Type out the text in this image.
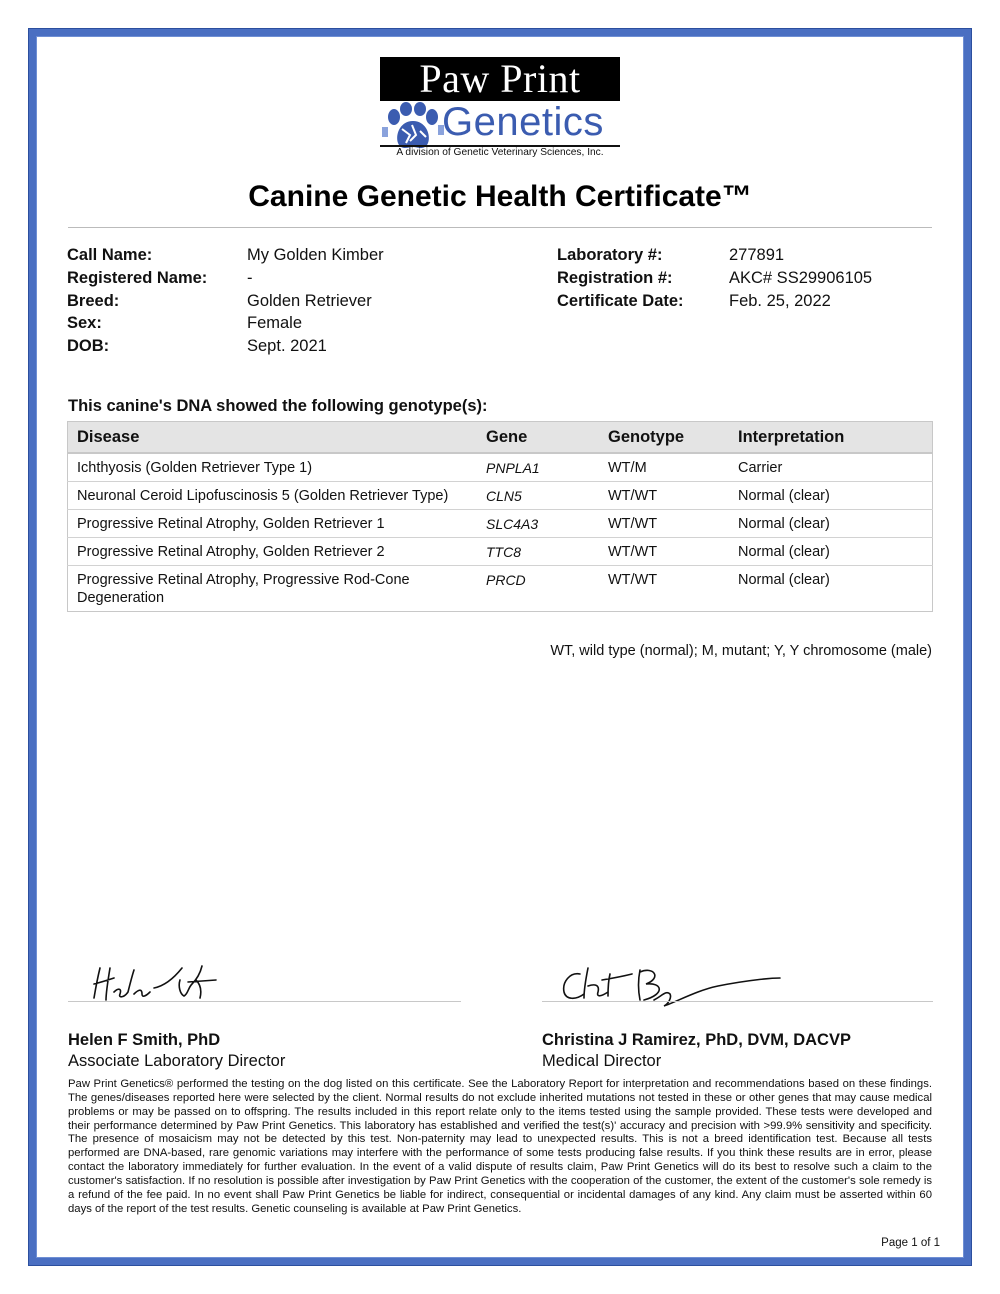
Paw Print
Genetics
A division of Genetic Veterinary Sciences, Inc.
Canine Genetic Health Certificate™
Call Name:	My Golden Kimber
Registered Name: -
Breed:	Golden Retriever
Sex:	Female
DOB:	Sept. 2021
Laboratory #:	277891
Registration #:	AKC# SS29906105
Certificate Date:	Feb. 25, 2022
This canine's DNA showed the following genotype(s):
Disease	Gene	Genotype	Interpretation
Ichthyosis (Golden Retriever Type 1)	PNPLA1	WT/M	Carrier
Neuronal Ceroid Lipofuscinosis 5 (Golden Retriever Type)	CLN5	WT/WT	Normal (clear)
Progressive Retinal Atrophy, Golden Retriever 1	SLC4A3	WT/WT	Normal (clear)
Progressive Retinal Atrophy, Golden Retriever 2	TTC8	WT/WT	Normal (clear)
Progressive Retinal Atrophy, Progressive Rod-Cone Degeneration	PRCD	WT/WT	Normal (clear)
WT, wild type (normal); M, mutant; Y, Y chromosome (male)
Helen F Smith, PhD
Associate Laboratory Director
Christina J Ramirez, PhD, DVM, DACVP
Medical Director
Paw Print Genetics® performed the testing on the dog listed on this certificate. See the Laboratory Report for interpretation and recommendations based on these findings. The genes/diseases reported here were selected by the client. Normal results do not exclude inherited mutations not tested in these or other genes that may cause medical problems or may be passed on to offspring. The results included in this report relate only to the items tested using the sample provided. These tests were developed and their performance determined by Paw Print Genetics. This laboratory has established and verified the test(s)' accuracy and precision with >99.9% sensitivity and specificity. The presence of mosaicism may not be detected by this test. Non-paternity may lead to unexpected results. This is not a breed identification test. Because all tests performed are DNA-based, rare genomic variations may interfere with the performance of some tests producing false results. If you think these results are in error, please contact the laboratory immediately for further evaluation. In the event of a valid dispute of results claim, Paw Print Genetics will do its best to resolve such a claim to the customer's satisfaction. If no resolution is possible after investigation by Paw Print Genetics with the cooperation of the customer, the extent of the customer's sole remedy is a refund of the fee paid. In no event shall Paw Print Genetics be liable for indirect, consequential or incidental damages of any kind. Any claim must be asserted within 60 days of the report of the test results. Genetic counseling is available at Paw Print Genetics.
Page 1 of 1
